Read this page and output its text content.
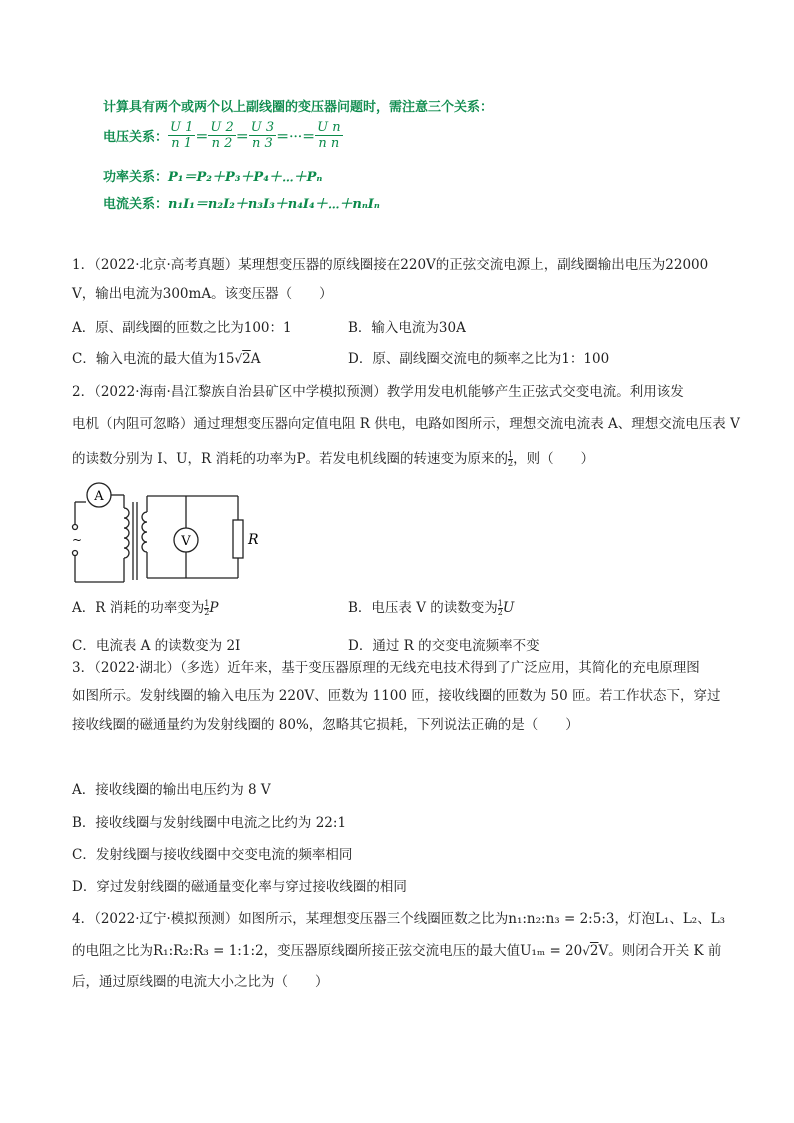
计算具有两个或两个以上副线圈的变压器问题时，需注意三个关系：
电压关系： $\frac{U 1}{n 1} = \frac{U 2}{n 2} = \frac{U 3}{n 3}$ ＝⋯＝ $\frac{\text{U n}}{\text{n n}}$
功率关系：P₁＝P₂＋P₃＋P₄＋⋯＋Pₙ
电流关系：n₁I₁＝n₂I₂＋n₃I₃＋n₄I₄＋⋯＋nₙIₙ
1．（2022·北京·高考真题）某理想变压器的原线圈接在220V的正弦交流电源上，副线圈输出电压为22000
V，输出电流为300mA。该变压器（　　）
A．原、副线圈的匝数之比为100：1	B．输入电流为30A
C．输入电流的最大值为15√2A	D．原、副线圈交流电的频率之比为1：100
2．（2022·海南·昌江黎族自治县矿区中学模拟预测）教学用发电机能够产生正弦式交变电流。利用该发
电机（内阻可忽略）通过理想变压器向定值电阻 R 供电，电路如图所示，理想交流电流表 A、理想交流电压表 V
的读数分别为 I、U，R 消耗的功率为P。若发电机线圈的转速变为原来的 $\frac{1}{2}$ ，则（　　）
A
V	R
~
A．R 消耗的功率变为 $\frac{1}{2}$ P	B．电压表 V 的读数变为 $\frac{1}{2}$ U
C．电流表 A 的读数变为 2I	D．通过 R 的交变电流频率不变
3．（2022·湖北）（多选）近年来，基于变压器原理的无线充电技术得到了广泛应用，其简化的充电原理图
如图所示。发射线圈的输入电压为 220V、匝数为 1100 匝，接收线圈的匝数为 50 匝。若工作状态下，穿过
接收线圈的磁通量约为发射线圈的 80%，忽略其它损耗，下列说法正确的是（　　）
A．接收线圈的输出电压约为 8 V
B．接收线圈与发射线圈中电流之比约为 22:1
C．发射线圈与接收线圈中交变电流的频率相同
D．穿过发射线圈的磁通量变化率与穿过接收线圈的相同
4．（2022·辽宁·模拟预测）如图所示，某理想变压器三个线圈匝数之比为n₁:n₂:n₃ = 2:5:3，灯泡L₁、L₂、L₃
的电阻之比为R₁:R₂:R₃ = 1:1:2，变压器原线圈所接正弦交流电压的最大值U₁ₘ = 20√2V。则闭合开关 K 前
后，通过原线圈的电流大小之比为（　　）
